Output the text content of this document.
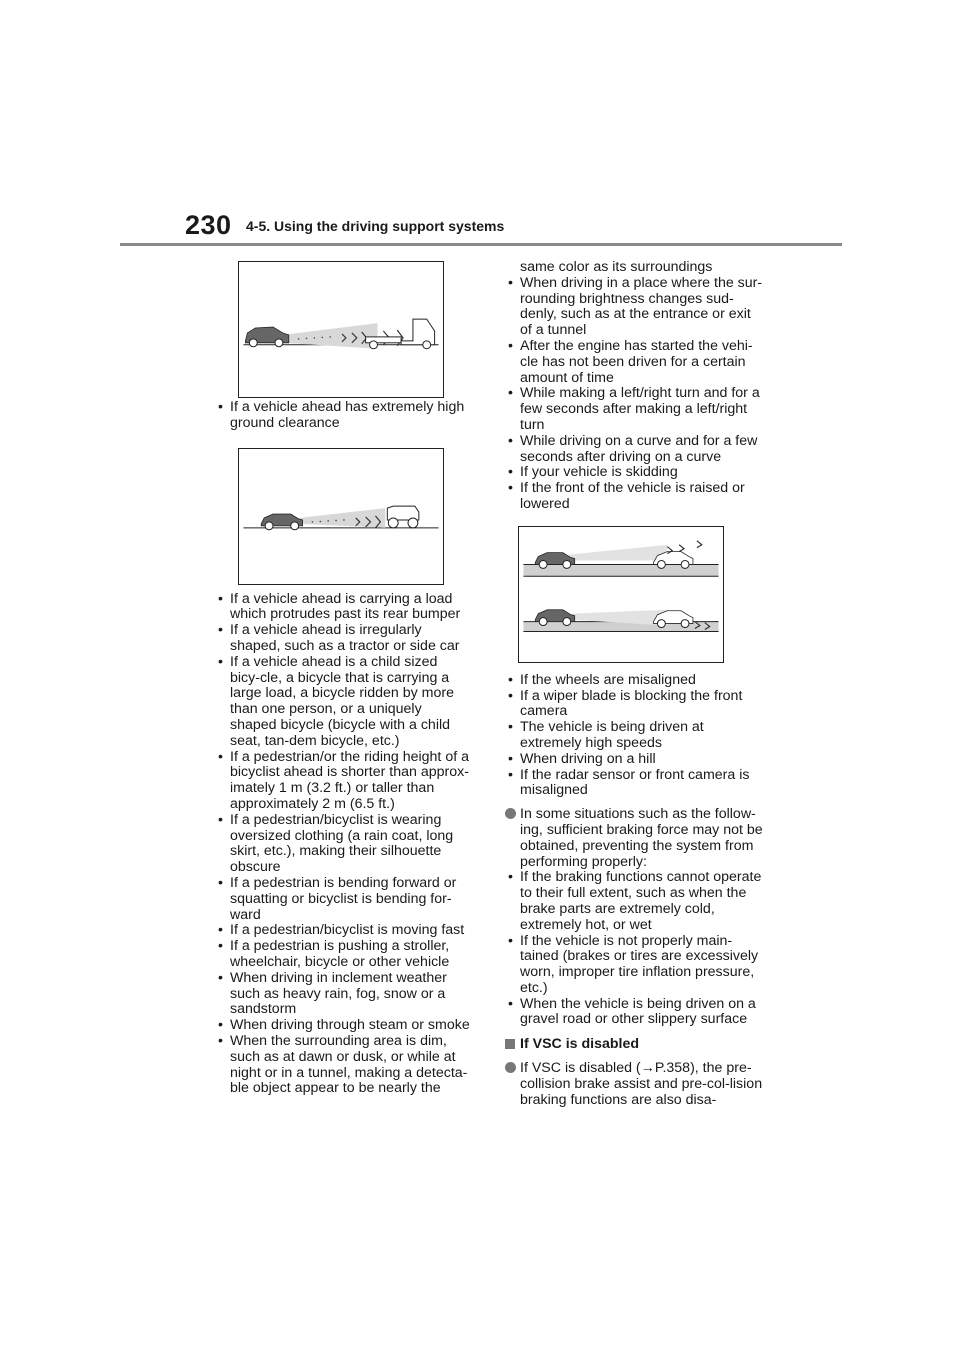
230 4-5. Using the driving support systems
• If a vehicle ahead has extremely high ground clearance
• If a vehicle ahead is carrying a load which protrudes past its rear bumper
• If a vehicle ahead is irregularly shaped, such as a tractor or side car
• If a vehicle ahead is a child sized bicy-cle, a bicycle that is carrying a large load, a bicycle ridden by more than one person, or a uniquely shaped bicycle (bicycle with a child seat, tan-dem bicycle, etc.)
• If a pedestrian/or the riding height of a bicyclist ahead is shorter than approx-imately 1 m (3.2 ft.) or taller than approximately 2 m (6.5 ft.)
• If a pedestrian/bicyclist is wearing oversized clothing (a rain coat, long skirt, etc.), making their silhouette obscure
• If a pedestrian is bending forward or squatting or bicyclist is bending for-ward
• If a pedestrian/bicyclist is moving fast
• If a pedestrian is pushing a stroller, wheelchair, bicycle or other vehicle
• When driving in inclement weather such as heavy rain, fog, snow or a sandstorm
• When driving through steam or smoke
• When the surrounding area is dim, such as at dawn or dusk, or while at night or in a tunnel, making a detecta-ble object appear to be nearly the
same color as its surroundings
• When driving in a place where the sur-rounding brightness changes sud-denly, such as at the entrance or exit of a tunnel
• After the engine has started the vehi-cle has not been driven for a certain amount of time
• While making a left/right turn and for a few seconds after making a left/right turn
• While driving on a curve and for a few seconds after driving on a curve
• If your vehicle is skidding
• If the front of the vehicle is raised or lowered
• If the wheels are misaligned
• If a wiper blade is blocking the front camera
• The vehicle is being driven at extremely high speeds
• When driving on a hill
• If the radar sensor or front camera is misaligned
In some situations such as the follow-ing, sufficient braking force may not be obtained, preventing the system from performing properly:
• If the braking functions cannot operate to their full extent, such as when the brake parts are extremely cold, extremely hot, or wet
• If the vehicle is not properly main-tained (brakes or tires are excessively worn, improper tire inflation pressure, etc.)
• When the vehicle is being driven on a gravel road or other slippery surface
If VSC is disabled
If VSC is disabled (→P.358), the pre-collision brake assist and pre-col-lision braking functions are also disa-
